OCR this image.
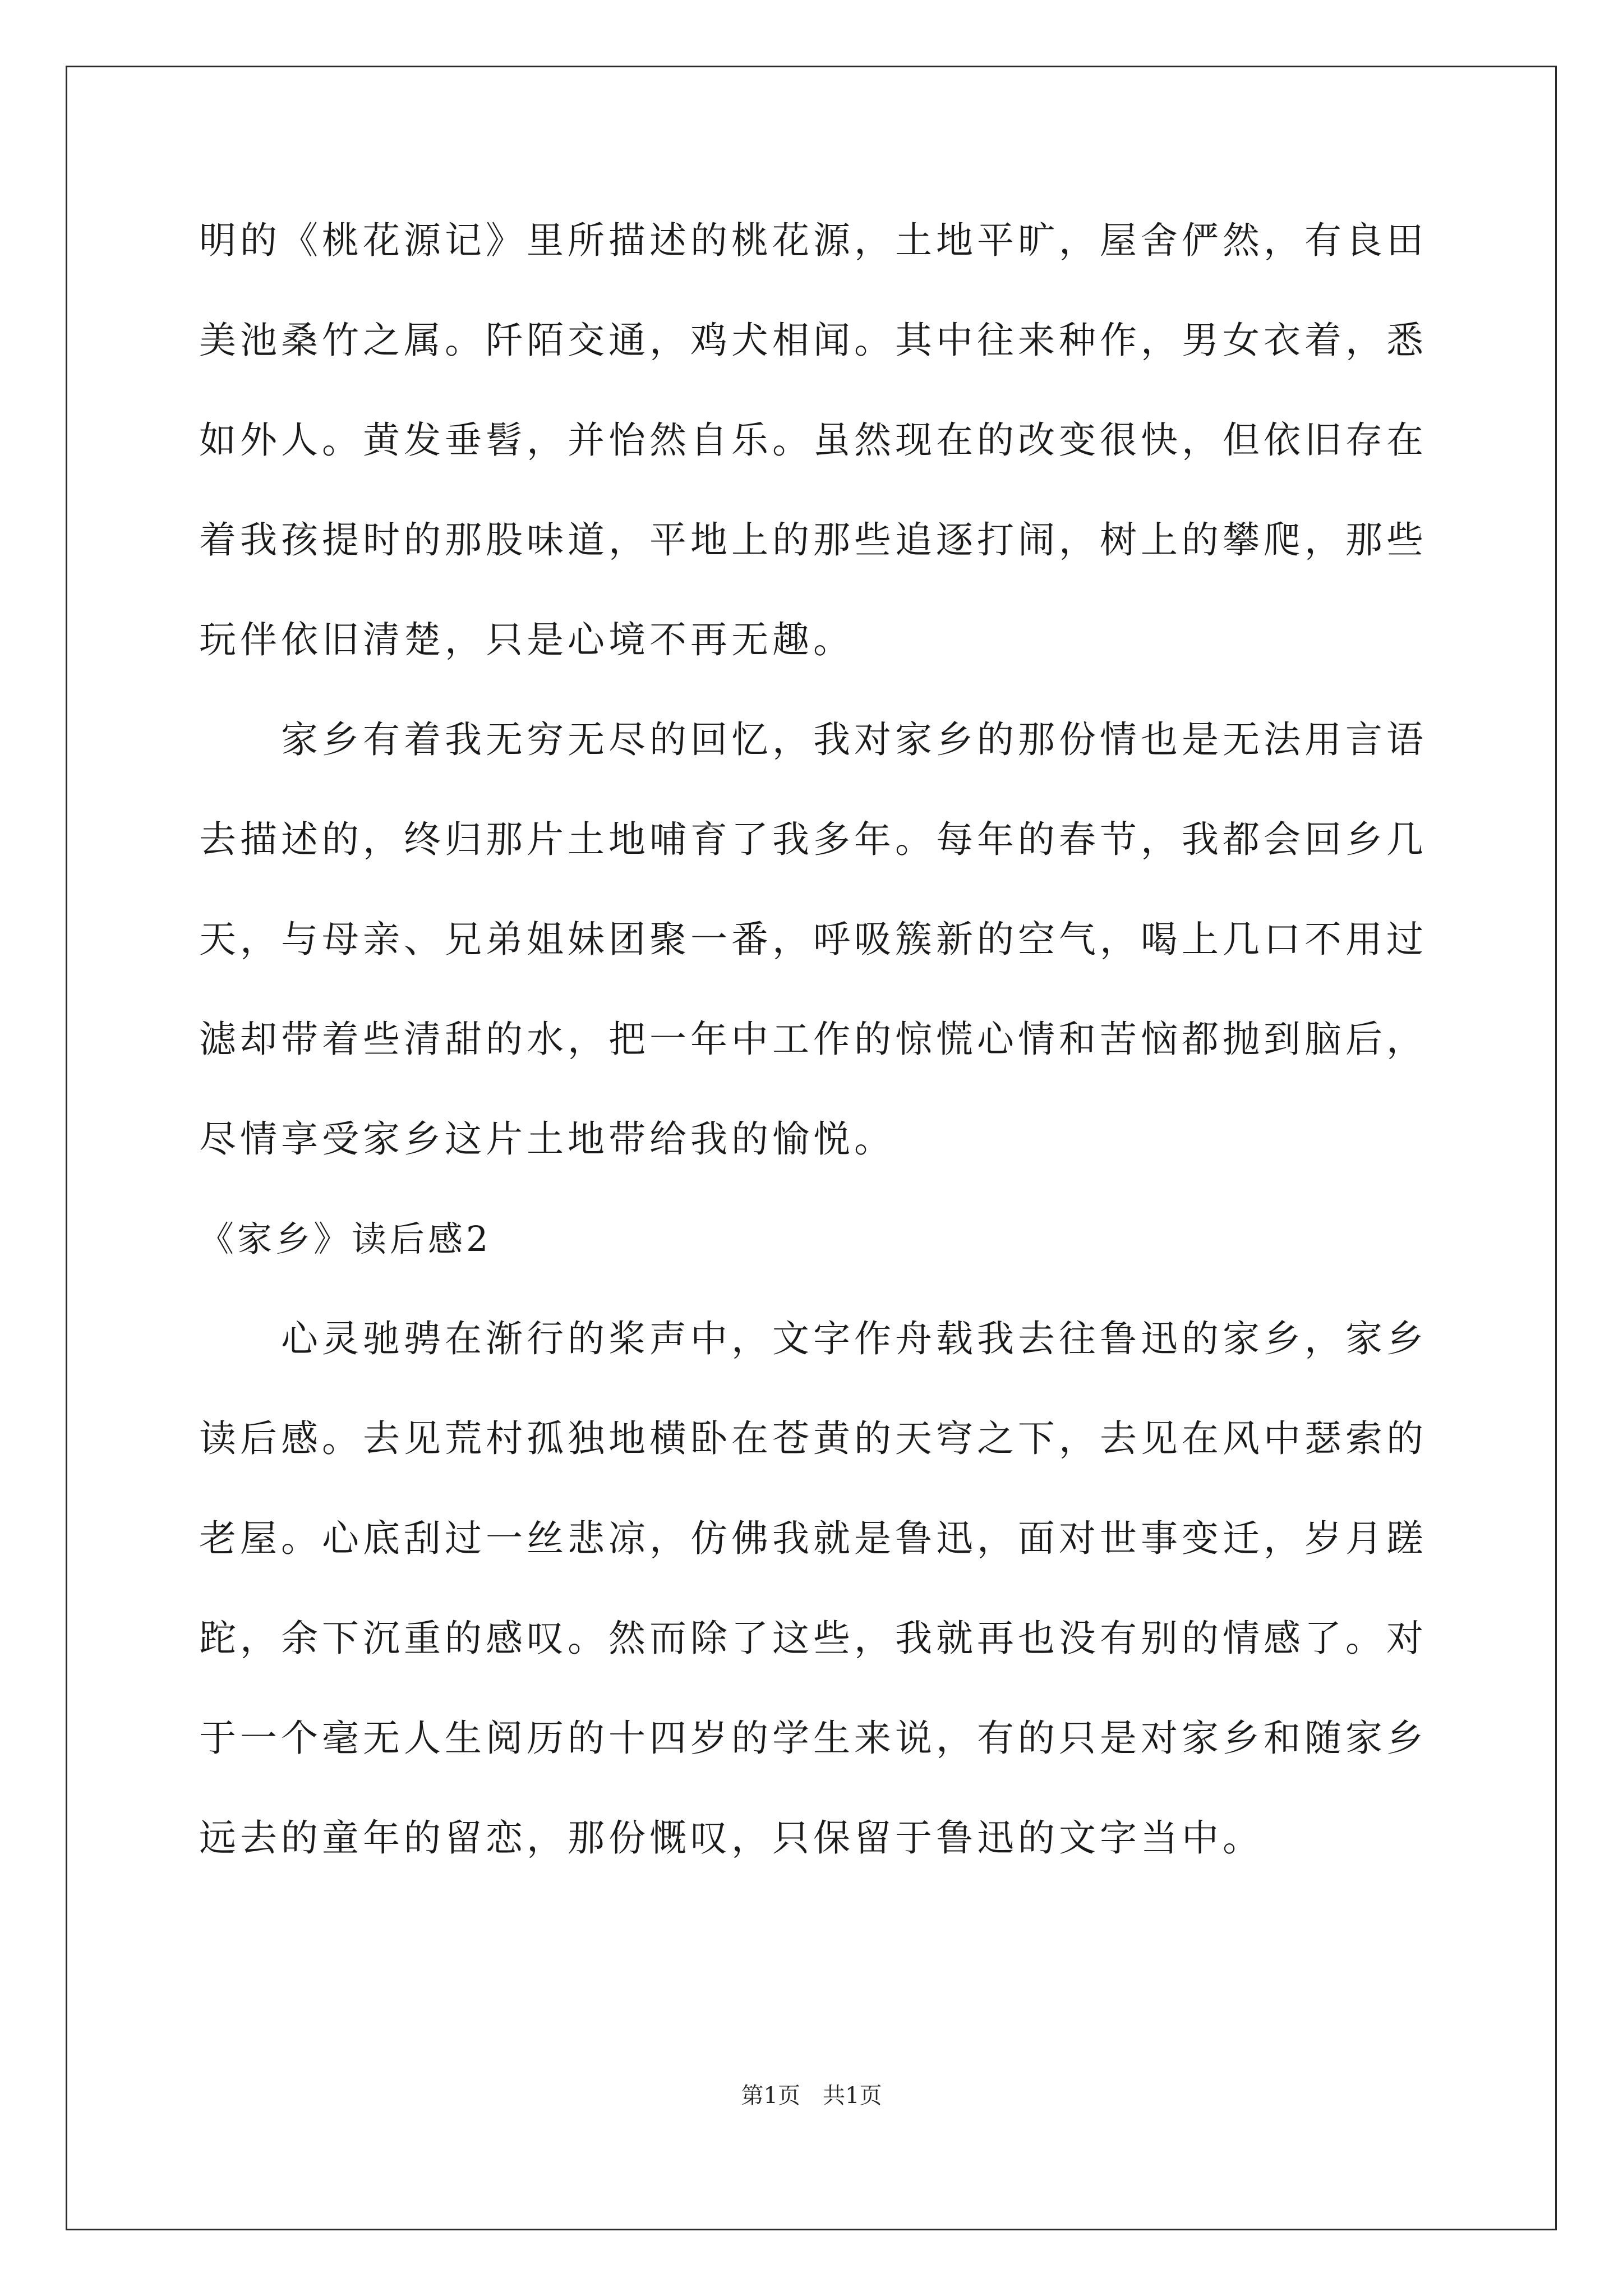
明的《桃花源记》里所描述的桃花源，土地平旷，屋舍俨然，有良田
美池桑竹之属。阡陌交通，鸡犬相闻。其中往来种作，男女衣着，悉
如外人。黄发垂髫，并怡然自乐。虽然现在的改变很快，但依旧存在
着我孩提时的那股味道，平地上的那些追逐打闹，树上的攀爬，那些
玩伴依旧清楚，只是心境不再无趣。
家乡有着我无穷无尽的回忆，我对家乡的那份情也是无法用言语
去描述的，终归那片土地哺育了我多年。每年的春节，我都会回乡几
天，与母亲、兄弟姐妹团聚一番，呼吸簇新的空气，喝上几口不用过
滤却带着些清甜的水，把一年中工作的惊慌心情和苦恼都抛到脑后，
尽情享受家乡这片土地带给我的愉悦。
《家乡》读后感2
心灵驰骋在渐行的桨声中，文字作舟载我去往鲁迅的家乡，家乡
读后感。去见荒村孤独地横卧在苍黄的天穹之下，去见在风中瑟索的
老屋。心底刮过一丝悲凉，仿佛我就是鲁迅，面对世事变迁，岁月蹉
跎，余下沉重的感叹。然而除了这些，我就再也没有别的情感了。对
于一个毫无人生阅历的十四岁的学生来说，有的只是对家乡和随家乡
远去的童年的留恋，那份慨叹，只保留于鲁迅的文字当中。
第1页　共1页
